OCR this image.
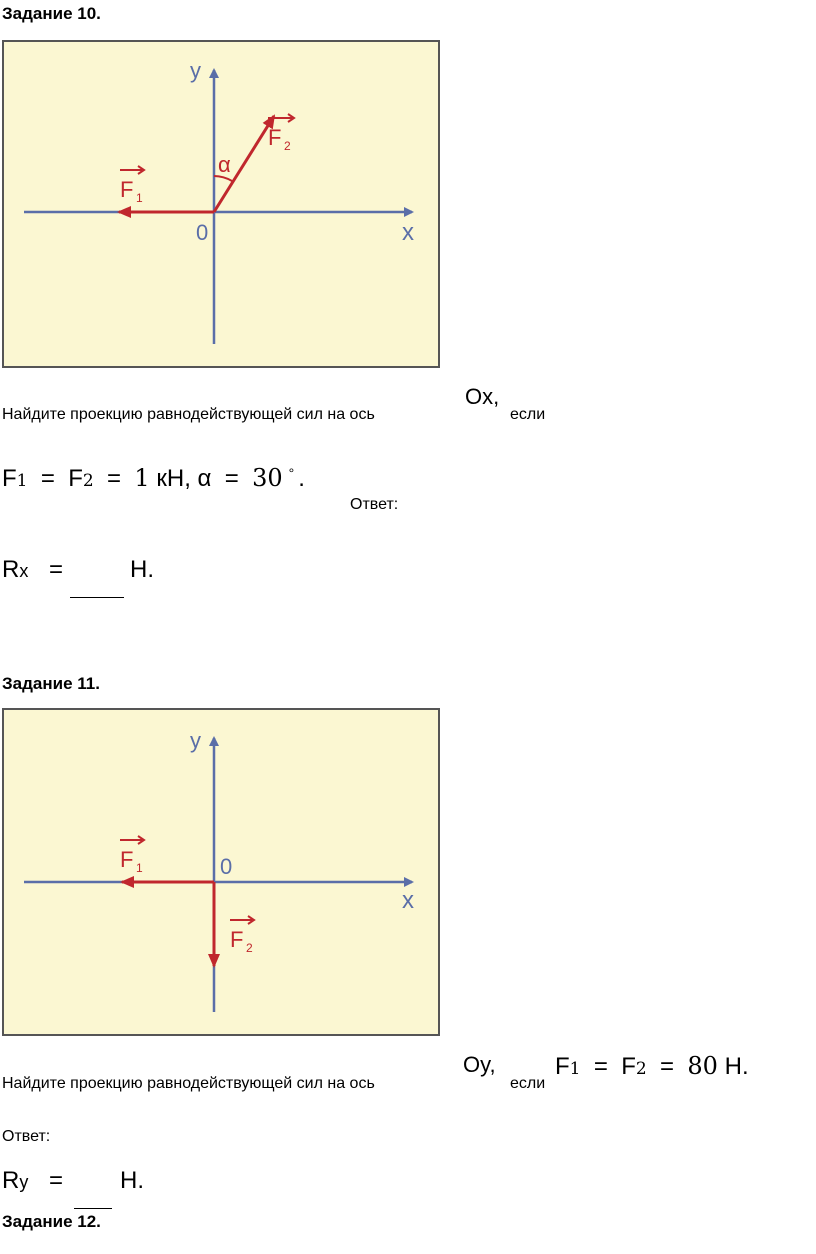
Задание 10.
y
x
0
α
F 1
F 2
Найдите проекцию равнодействующей сил на ось
Ox,
если
F1 = F2 = 1 кН, α = 30 ° .
Ответ:
Rx =	Н.
Задание 11.
y
x
0
F 1
F 2
Найдите проекцию равнодействующей сил на ось
Oy,
если
F1 = F2 = 80 Н.
Ответ:
Ry = Н.
Задание 12.
